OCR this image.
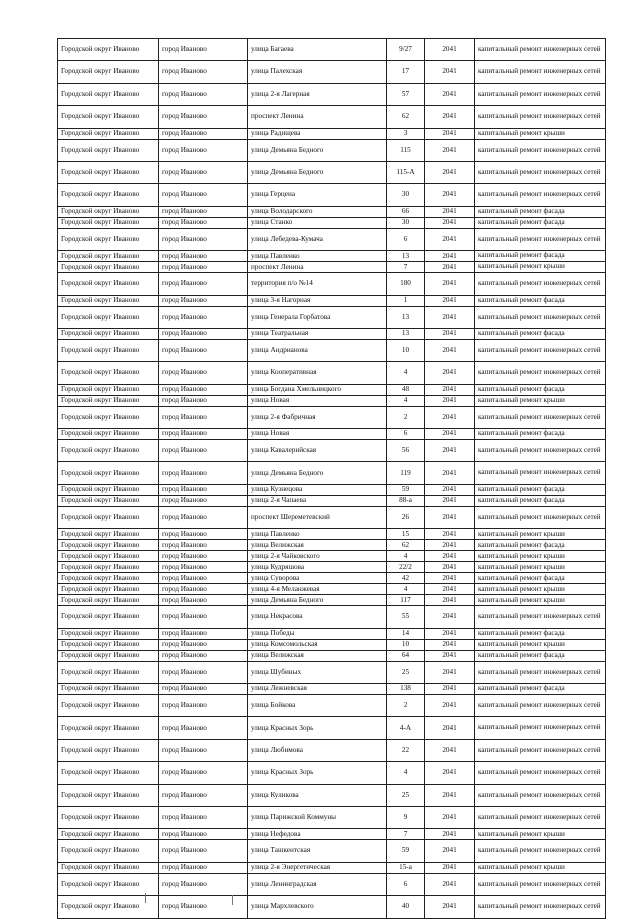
Городской округ Иваново	город Иваново	улица Багаева	9/27	2041	капитальный ремонт инженерных сетей
Городской округ Иваново	город Иваново	улица Палехская	17	2041	капитальный ремонт инженерных сетей
Городской округ Иваново	город Иваново	улица 2-я Лагерная	57	2041	капитальный ремонт инженерных сетей
Городской округ Иваново	город Иваново	проспект Ленина	62	2041	капитальный ремонт инженерных сетей
Городской округ Иваново	город Иваново	улица Радищева	3	2041	капитальный ремонт крыши
Городской округ Иваново	город Иваново	улица Демьяна Бедного	115	2041	капитальный ремонт инженерных сетей
Городской округ Иваново	город Иваново	улица Демьяна Бедного	115-А	2041	капитальный ремонт инженерных сетей
Городской округ Иваново	город Иваново	улица Герцена	30	2041	капитальный ремонт инженерных сетей
Городской округ Иваново	город Иваново	улица Володарского	66	2041	капитальный ремонт фасада
Городской округ Иваново	город Иваново	улица Станко	30	2041	капитальный ремонт фасада
Городской округ Иваново	город Иваново	улица Лебедева-Кумача	6	2041	капитальный ремонт инженерных сетей
Городской округ Иваново	город Иваново	улица Павленко	13	2041	капитальный ремонт фасада
Городской округ Иваново	город Иваново	проспект Ленина	7	2041	капитальный ремонт крыши
Городской округ Иваново	город Иваново	территория п/о №14	180	2041	капитальный ремонт инженерных сетей
Городской округ Иваново	город Иваново	улица 3-я Нагорная	1	2041	капитальный ремонт фасада
Городской округ Иваново	город Иваново	улица Генерала Горбатова	13	2041	капитальный ремонт инженерных сетей
Городской округ Иваново	город Иваново	улица Театральная	13	2041	капитальный ремонт фасада
Городской округ Иваново	город Иваново	улица Андрианова	10	2041	капитальный ремонт инженерных сетей
Городской округ Иваново	город Иваново	улица Кооперативная	4	2041	капитальный ремонт инженерных сетей
Городской округ Иваново	город Иваново	улица Богдана Хмельницкого	48	2041	капитальный ремонт фасада
Городской округ Иваново	город Иваново	улица Новая	4	2041	капитальный ремонт крыши
Городской округ Иваново	город Иваново	улица 2-я Фабричная	2	2041	капитальный ремонт инженерных сетей
Городской округ Иваново	город Иваново	улица Новая	6	2041	капитальный ремонт фасада
Городской округ Иваново	город Иваново	улица Кавалерийская	56	2041	капитальный ремонт инженерных сетей
Городской округ Иваново	город Иваново	улица Демьяна Бедного	119	2041	капитальный ремонт инженерных сетей
Городской округ Иваново	город Иваново	улица Кузнецова	59	2041	капитальный ремонт фасада
Городской округ Иваново	город Иваново	улица 2-я Чапаева	88-а	2041	капитальный ремонт фасада
Городской округ Иваново	город Иваново	проспект Шереметевский	26	2041	капитальный ремонт инженерных сетей
Городской округ Иваново	город Иваново	улица Павленко	15	2041	капитальный ремонт крыши
Городской округ Иваново	город Иваново	улица Велижская	62	2041	капитальный ремонт фасада
Городской округ Иваново	город Иваново	улица 2-я Чайковского	4	2041	капитальный ремонт крыши
Городской округ Иваново	город Иваново	улица Кудряшова	22/2	2041	капитальный ремонт крыши
Городской округ Иваново	город Иваново	улица Суворова	42	2041	капитальный ремонт фасада
Городской округ Иваново	город Иваново	улица 4-я Меланжевая	4	2041	капитальный ремонт крыши
Городской округ Иваново	город Иваново	улица Демьяна Бедного	117	2041	капитальный ремонт крыши
Городской округ Иваново	город Иваново	улица Некрасова	55	2041	капитальный ремонт инженерных сетей
Городской округ Иваново	город Иваново	улица Победы	14	2041	капитальный ремонт фасада
Городской округ Иваново	город Иваново	улица Комсомольская	10	2041	капитальный ремонт крыши
Городской округ Иваново	город Иваново	улица Велижская	64	2041	капитальный ремонт фасада
Городской округ Иваново	город Иваново	улица Шубиных	25	2041	капитальный ремонт инженерных сетей
Городской округ Иваново	город Иваново	улица Лежневская	138	2041	капитальный ремонт фасада
Городской округ Иваново	город Иваново	улица Бойкова	2	2041	капитальный ремонт инженерных сетей
Городской округ Иваново	город Иваново	улица Красных Зорь	4-А	2041	капитальный ремонт инженерных сетей
Городской округ Иваново	город Иваново	улица Любимова	22	2041	капитальный ремонт инженерных сетей
Городской округ Иваново	город Иваново	улица Красных Зорь	4	2041	капитальный ремонт инженерных сетей
Городской округ Иваново	город Иваново	улица Куликова	25	2041	капитальный ремонт инженерных сетей
Городской округ Иваново	город Иваново	улица Парижской Коммуны	9	2041	капитальный ремонт инженерных сетей
Городской округ Иваново	город Иваново	улица Нефедова	7	2041	капитальный ремонт крыши
Городской округ Иваново	город Иваново	улица Ташкентская	59	2041	капитальный ремонт инженерных сетей
Городской округ Иваново	город Иваново	улица 2-я Энергетическая	15-а	2041	капитальный ремонт крыши
Городской округ Иваново	город Иваново	улица Ленинградская	6	2041	капитальный ремонт инженерных сетей
Городской округ Иваново	город Иваново	улица Мархлевского	40	2041	капитальный ремонт инженерных сетей
